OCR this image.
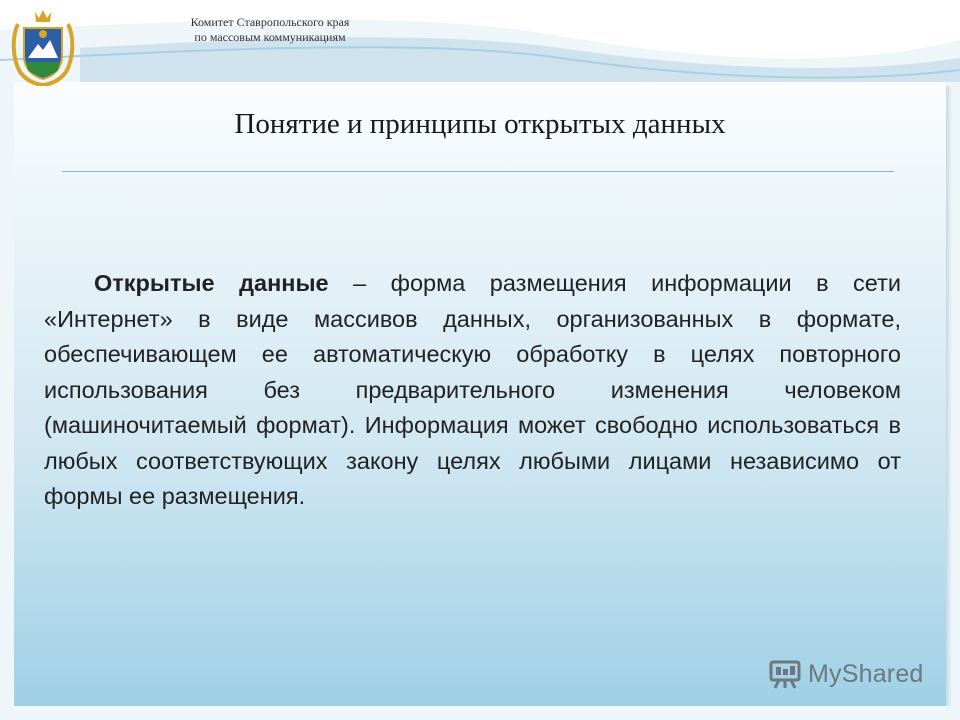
Комитет Ставропольского края
по массовым коммуникациям
Понятие и принципы открытых данных

Открытые данные – форма размещения информации в сети «Интернет» в виде массивов данных, организованных в формате, обеспечивающем ее автоматическую обработку в целях повторного использования без предварительного изменения человеком (машиночитаемый формат). Информация может свободно использоваться в любых соответствующих закону целях любыми лицами независимо от формы ее размещения.

MyShared
